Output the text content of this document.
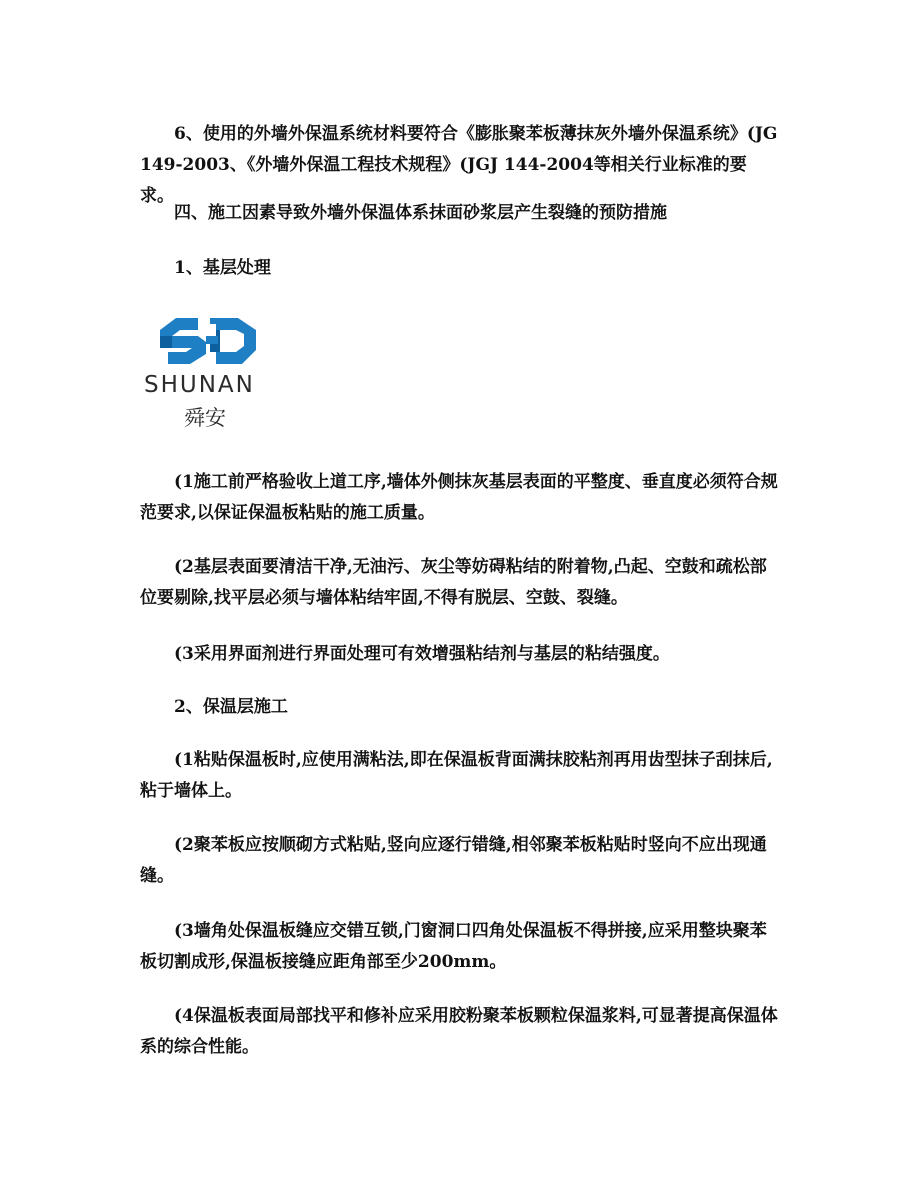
6、使用的外墙外保温系统材料要符合《膨胀聚苯板薄抹灰外墙外保温系统》(JG 149-2003、《外墙外保温工程技术规程》(JGJ 144-2004等相关行业标准的要求。

四、施工因素导致外墙外保温体系抹面砂浆层产生裂缝的预防措施

1、基层处理

SHUNAN
舜安

(1施工前严格验收上道工序,墙体外侧抹灰基层表面的平整度、垂直度必须符合规范要求,以保证保温板粘贴的施工质量。

(2基层表面要清洁干净,无油污、灰尘等妨碍粘结的附着物,凸起、空鼓和疏松部位要剔除,找平层必须与墙体粘结牢固,不得有脱层、空鼓、裂缝。

(3采用界面剂进行界面处理可有效增强粘结剂与基层的粘结强度。

2、保温层施工

(1粘贴保温板时,应使用满粘法,即在保温板背面满抹胶粘剂再用齿型抹子刮抹后,粘于墙体上。

(2聚苯板应按顺砌方式粘贴,竖向应逐行错缝,相邻聚苯板粘贴时竖向不应出现通缝。

(3墙角处保温板缝应交错互锁,门窗洞口四角处保温板不得拼接,应采用整块聚苯板切割成形,保温板接缝应距角部至少200mm。

(4保温板表面局部找平和修补应采用胶粉聚苯板颗粒保温浆料,可显著提高保温体系的综合性能。
